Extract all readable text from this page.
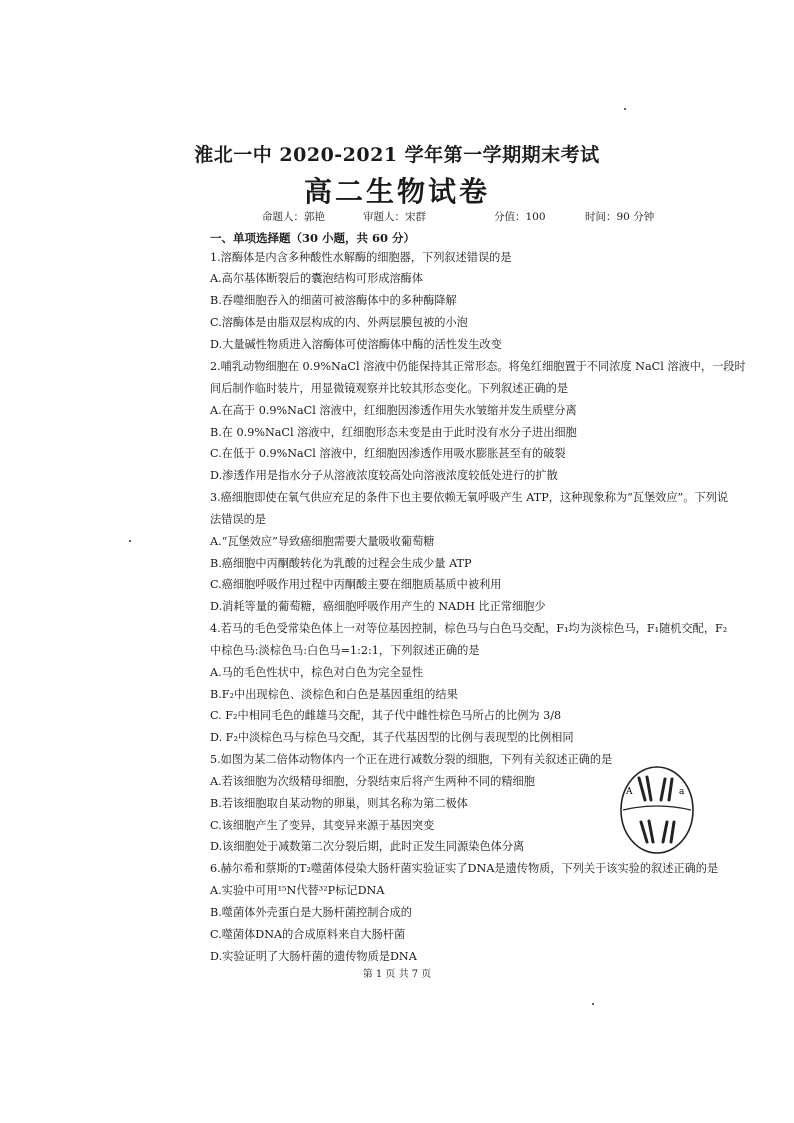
淮北一中 2020-2021 学年第一学期期末考试
高二生物试卷
命题人：郭艳	审题人：宋群	分值：100	时间：90 分钟
一、单项选择题（30 小题，共 60 分）
1.溶酶体是内含多种酸性水解酶的细胞器，下列叙述错误的是
A.高尔基体断裂后的囊泡结构可形成溶酶体
B.吞噬细胞吞入的细菌可被溶酶体中的多种酶降解
C.溶酶体是由脂双层构成的内、外两层膜包被的小泡
D.大量碱性物质进入溶酶体可使溶酶体中酶的活性发生改变
2.哺乳动物细胞在 0.9%NaCl 溶液中仍能保持其正常形态。将兔红细胞置于不同浓度 NaCl 溶液中，一段时
间后制作临时装片，用显微镜观察并比较其形态变化。下列叙述正确的是
A.在高于 0.9%NaCl 溶液中，红细胞因渗透作用失水皱缩并发生质壁分离
B.在 0.9%NaCl 溶液中，红细胞形态未变是由于此时没有水分子进出细胞
C.在低于 0.9%NaCl 溶液中，红细胞因渗透作用吸水膨胀甚至有的破裂
D.渗透作用是指水分子从溶液浓度较高处向溶液浓度较低处进行的扩散
3.癌细胞即使在氧气供应充足的条件下也主要依赖无氧呼吸产生 ATP，这种现象称为“瓦堡效应”。下列说
法错误的是
A.“瓦堡效应”导致癌细胞需要大量吸收葡萄糖
B.癌细胞中丙酮酸转化为乳酸的过程会生成少量 ATP
C.癌细胞呼吸作用过程中丙酮酸主要在细胞质基质中被利用
D.消耗等量的葡萄糖，癌细胞呼吸作用产生的 NADH 比正常细胞少
4.若马的毛色受常染色体上一对等位基因控制，棕色马与白色马交配，F₁均为淡棕色马，F₁随机交配，F₂
中棕色马:淡棕色马:白色马=1:2:1，下列叙述正确的是
A.马的毛色性状中，棕色对白色为完全显性
B.F₂中出现棕色、淡棕色和白色是基因重组的结果
C. F₂中相同毛色的雌雄马交配，其子代中雌性棕色马所占的比例为 3/8
D. F₂中淡棕色马与棕色马交配，其子代基因型的比例与表现型的比例相同
5.如图为某二倍体动物体内一个正在进行减数分裂的细胞，下列有关叙述正确的是
A.若该细胞为次级精母细胞，分裂结束后将产生两种不同的精细胞
B.若该细胞取自某动物的卵巢，则其名称为第二极体
C.该细胞产生了变异，其变异来源于基因突变
D.该细胞处于减数第二次分裂后期，此时正发生同源染色体分离
6.赫尔希和蔡斯的T₂噬菌体侵染大肠杆菌实验证实了DNA是遗传物质，下列关于该实验的叙述正确的是
A.实验中可用¹⁵N代替³²P标记DNA
B.噬菌体外壳蛋白是大肠杆菌控制合成的
C.噬菌体DNA的合成原料来自大肠杆菌
D.实验证明了大肠杆菌的遗传物质是DNA
A	a
第 1 页 共 7 页
